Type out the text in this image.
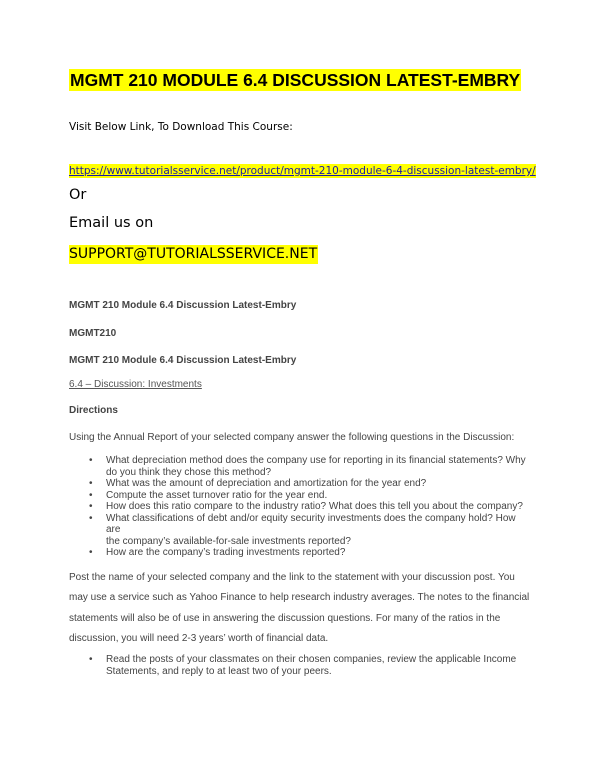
MGMT 210 MODULE 6.4 DISCUSSION LATEST-EMBRY
Visit Below Link, To Download This Course:
https://www.tutorialsservice.net/product/mgmt-210-module-6-4-discussion-latest-embry/
Or
Email us on
SUPPORT@TUTORIALSSERVICE.NET
MGMT 210 Module 6.4 Discussion Latest-Embry
MGMT210
MGMT 210 Module 6.4 Discussion Latest-Embry
6.4 – Discussion: Investments
Directions
Using the Annual Report of your selected company answer the following questions in the Discussion:
• What depreciation method does the company use for reporting in its financial statements? Why
do you think they chose this method?
• What was the amount of depreciation and amortization for the year end?
• Compute the asset turnover ratio for the year end.
• How does this ratio compare to the industry ratio? What does this tell you about the company?
• What classifications of debt and/or equity security investments does the company hold? How are
the company’s available-for-sale investments reported?
• How are the company’s trading investments reported?
Post the name of your selected company and the link to the statement with your discussion post. You
may use a service such as Yahoo Finance to help research industry averages. The notes to the financial
statements will also be of use in answering the discussion questions. For many of the ratios in the
discussion, you will need 2-3 years’ worth of financial data.
• Read the posts of your classmates on their chosen companies, review the applicable Income
Statements, and reply to at least two of your peers.
